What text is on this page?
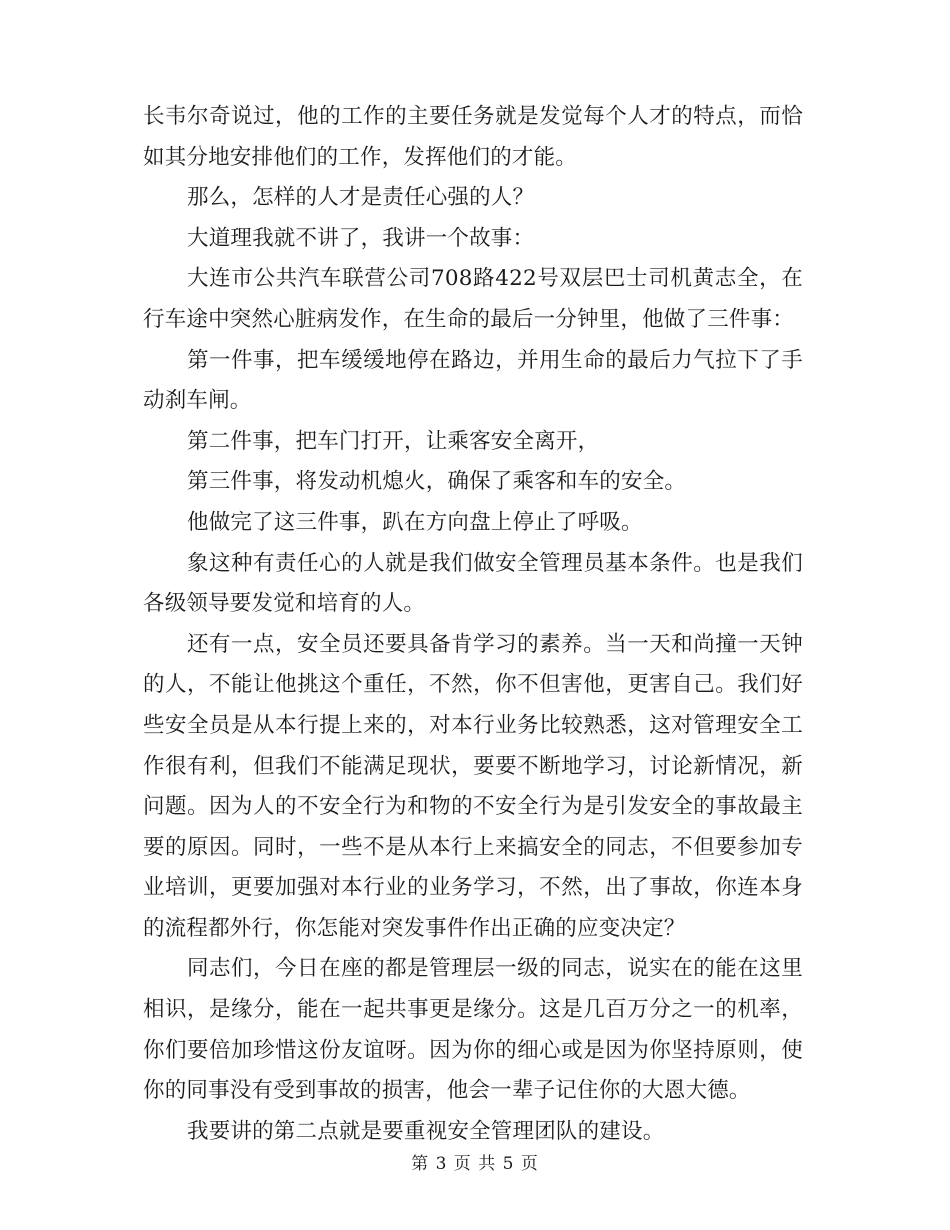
长韦尔奇说过，他的工作的主要任务就是发觉每个人才的特点，而恰如其分地安排他们的工作，发挥他们的才能。

那么，怎样的人才是责任心强的人？

大道理我就不讲了，我讲一个故事：

大连市公共汽车联营公司708路422号双层巴士司机黄志全，在行车途中突然心脏病发作，在生命的最后一分钟里，他做了三件事：

第一件事，把车缓缓地停在路边，并用生命的最后力气拉下了手动刹车闸。

第二件事，把车门打开，让乘客安全离开，

第三件事，将发动机熄火，确保了乘客和车的安全。

他做完了这三件事，趴在方向盘上停止了呼吸。

象这种有责任心的人就是我们做安全管理员基本条件。也是我们各级领导要发觉和培育的人。

还有一点，安全员还要具备肯学习的素养。当一天和尚撞一天钟的人，不能让他挑这个重任，不然，你不但害他，更害自己。我们好些安全员是从本行提上来的，对本行业务比较熟悉，这对管理安全工作很有利，但我们不能满足现状，要要不断地学习，讨论新情况，新问题。因为人的不安全行为和物的不安全行为是引发安全的事故最主要的原因。同时，一些不是从本行上来搞安全的同志，不但要参加专业培训，更要加强对本行业的业务学习，不然，出了事故，你连本身的流程都外行，你怎能对突发事件作出正确的应变决定？

同志们，今日在座的都是管理层一级的同志，说实在的能在这里相识，是缘分，能在一起共事更是缘分。这是几百万分之一的机率，你们要倍加珍惜这份友谊呀。因为你的细心或是因为你坚持原则，使你的同事没有受到事故的损害，他会一辈子记住你的大恩大德。

我要讲的第二点就是要重视安全管理团队的建设。

第 3 页 共 5 页
